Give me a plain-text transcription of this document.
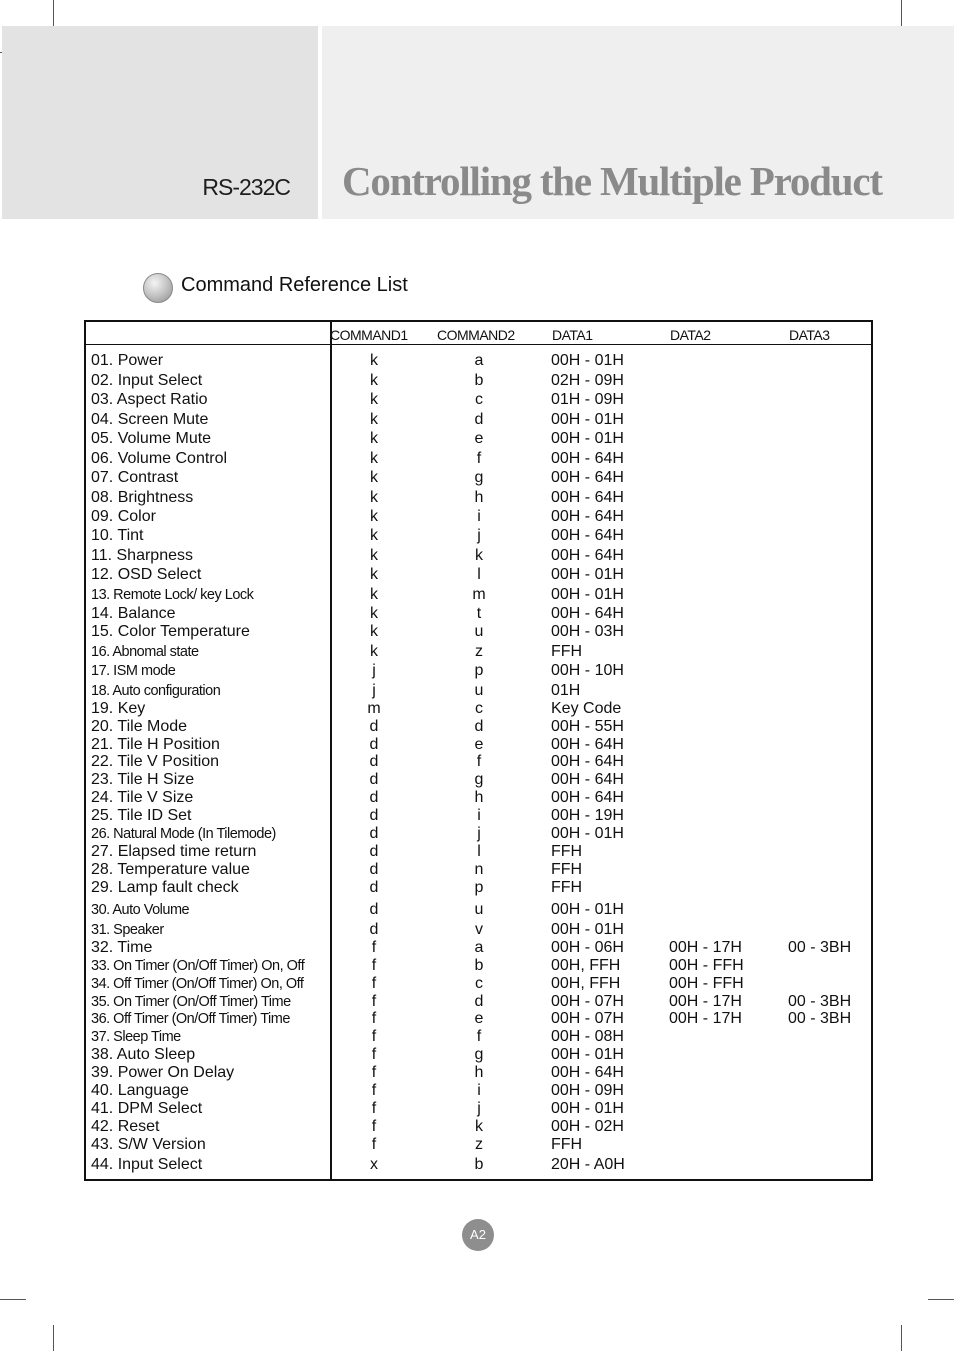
RS-232C Controlling the Multiple Product
Command Reference List
COMMAND1 COMMAND2	DATA1	DATA2	DATA3
01. Power	k	a	00H - 01H
02. Input Select	k	b	02H - 09H
03. Aspect Ratio	k	c	01H - 09H
04. Screen Mute	k	d	00H - 01H
05. Volume Mute	k	e	00H - 01H
06. Volume Control	k	f	00H - 64H
07. Contrast	k	g	00H - 64H
08. Brightness	k	h	00H - 64H
09. Color	k	i	00H - 64H
10. Tint	k	j	00H - 64H
11. Sharpness	k	k	00H - 64H
12. OSD Select	k	l	00H - 01H
13. Remote Lock/ key Lock	k	m	00H - 01H
14. Balance	k	t	00H - 64H
15. Color Temperature	k	u	00H - 03H
16. Abnomal state	k	z	FFH
17. ISM mode	j	p	00H - 10H
18. Auto configuration	j	u	01H
19. Key	m	c	Key Code
20. Tile Mode	d	d	00H - 55H
21. Tile H Position	d	e	00H - 64H
22. Tile V Position	d	f	00H - 64H
23. Tile H Size	d	g	00H - 64H
24. Tile V Size	d	h	00H - 64H
25. Tile ID Set	d	i	00H - 19H
26. Natural Mode (In Tilemode)	d	j	00H - 01H
27. Elapsed time return	d	l	FFH
28. Temperature value	d	n	FFH
29. Lamp fault check	d	p	FFH
30. Auto Volume	d	u	00H - 01H
31. Speaker	d	v	00H - 01H
32. Time	f	a	00H - 06H	00H - 17H	00 - 3BH
33. On Timer (On/Off Timer) On, Off	f	b	00H, FFH	00H - FFH
34. Off Timer (On/Off Timer) On, Off	f	c	00H, FFH	00H - FFH
35. On Timer (On/Off Timer) Time	f	d	00H - 07H	00H - 17H	00 - 3BH
36. Off Timer (On/Off Timer) Time	f	e	00H - 07H	00H - 17H	00 - 3BH
37. Sleep Time	f	f	00H - 08H
38. Auto Sleep	f	g	00H - 01H
39. Power On Delay	f	h	00H - 64H
40. Language	f	i	00H - 09H
41. DPM Select	f	j	00H - 01H
42. Reset	f	k	00H - 02H
43. S/W Version	f	z	FFH
44. Input Select	x	b	20H - A0H
A2
